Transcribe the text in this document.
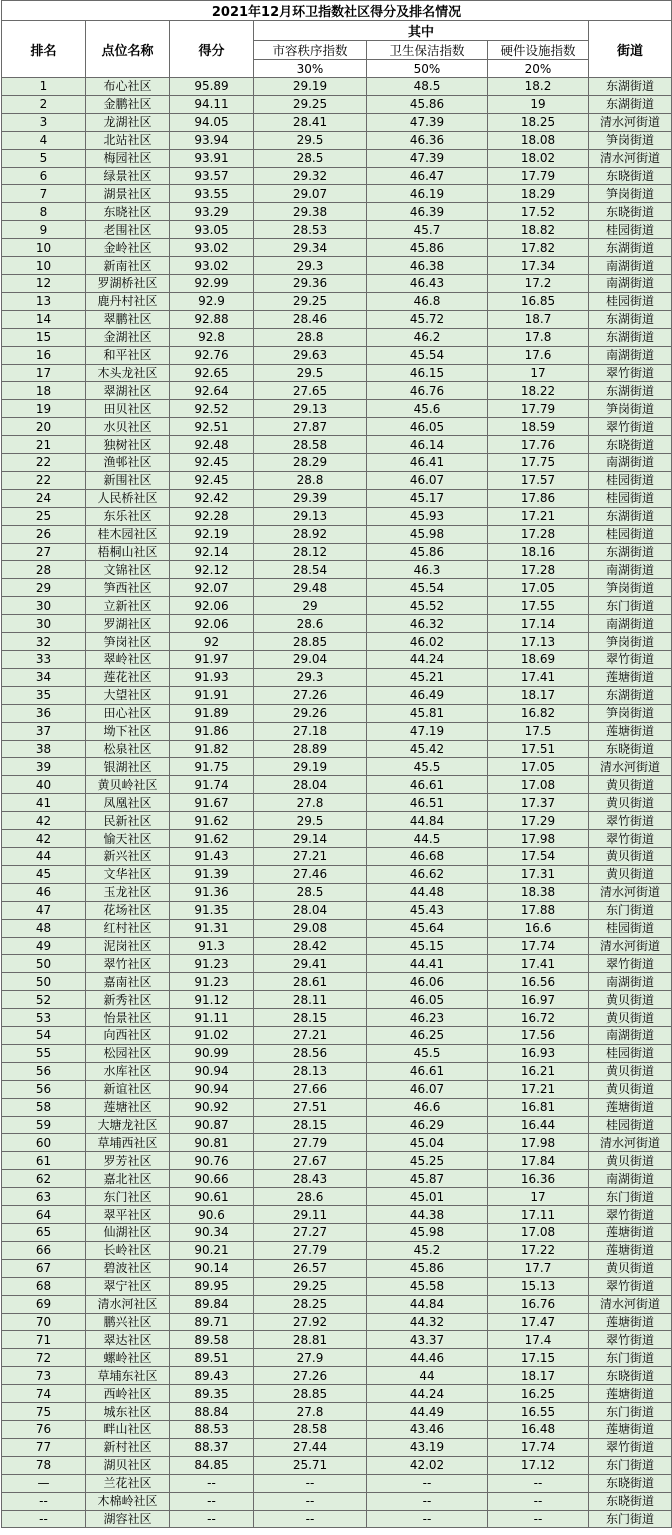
2021年12月环卫指数社区得分及排名情况						
排名	点位名称	得分	其中			街道
			市容秩序指数	卫生保洁指数	硬件设施指数	
			30%	50%	20%	
1	布心社区	95.89	29.19	48.5	18.2	东湖街道
2	金鹏社区	94.11	29.25	45.86	19	东湖街道
3	龙湖社区	94.05	28.41	47.39	18.25	清水河街道
4	北站社区	93.94	29.5	46.36	18.08	笋岗街道
5	梅园社区	93.91	28.5	47.39	18.02	清水河街道
6	绿景社区	93.57	29.32	46.47	17.79	东晓街道
7	湖景社区	93.55	29.07	46.19	18.29	笋岗街道
8	东晓社区	93.29	29.38	46.39	17.52	东晓街道
9	老围社区	93.05	28.53	45.7	18.82	桂园街道
10	金岭社区	93.02	29.34	45.86	17.82	东湖街道
10	新南社区	93.02	29.3	46.38	17.34	南湖街道
12	罗湖桥社区	92.99	29.36	46.43	17.2	南湖街道
13	鹿丹村社区	92.9	29.25	46.8	16.85	桂园街道
14	翠鹏社区	92.88	28.46	45.72	18.7	东湖街道
15	金湖社区	92.8	28.8	46.2	17.8	东湖街道
16	和平社区	92.76	29.63	45.54	17.6	南湖街道
17	木头龙社区	92.65	29.5	46.15	17	翠竹街道
18	翠湖社区	92.64	27.65	46.76	18.22	东湖街道
19	田贝社区	92.52	29.13	45.6	17.79	笋岗街道
20	水贝社区	92.51	27.87	46.05	18.59	翠竹街道
21	独树社区	92.48	28.58	46.14	17.76	东晓街道
22	渔邨社区	92.45	28.29	46.41	17.75	南湖街道
22	新围社区	92.45	28.8	46.07	17.57	桂园街道
24	人民桥社区	92.42	29.39	45.17	17.86	桂园街道
25	东乐社区	92.28	29.13	45.93	17.21	东湖街道
26	桂木园社区	92.19	28.92	45.98	17.28	桂园街道
27	梧桐山社区	92.14	28.12	45.86	18.16	东湖街道
28	文锦社区	92.12	28.54	46.3	17.28	南湖街道
29	笋西社区	92.07	29.48	45.54	17.05	笋岗街道
30	立新社区	92.06	29	45.52	17.55	东门街道
30	罗湖社区	92.06	28.6	46.32	17.14	南湖街道
32	笋岗社区	92	28.85	46.02	17.13	笋岗街道
33	翠岭社区	91.97	29.04	44.24	18.69	翠竹街道
34	莲花社区	91.93	29.3	45.21	17.41	莲塘街道
35	大望社区	91.91	27.26	46.49	18.17	东湖街道
36	田心社区	91.89	29.26	45.81	16.82	笋岗街道
37	坳下社区	91.86	27.18	47.19	17.5	莲塘街道
38	松泉社区	91.82	28.89	45.42	17.51	东晓街道
39	银湖社区	91.75	29.19	45.5	17.05	清水河街道
40	黄贝岭社区	91.74	28.04	46.61	17.08	黄贝街道
41	凤凰社区	91.67	27.8	46.51	17.37	黄贝街道
42	民新社区	91.62	29.5	44.84	17.29	翠竹街道
42	愉天社区	91.62	29.14	44.5	17.98	翠竹街道
44	新兴社区	91.43	27.21	46.68	17.54	黄贝街道
45	文华社区	91.39	27.46	46.62	17.31	黄贝街道
46	玉龙社区	91.36	28.5	44.48	18.38	清水河街道
47	花场社区	91.35	28.04	45.43	17.88	东门街道
48	红村社区	91.31	29.08	45.64	16.6	桂园街道
49	泥岗社区	91.3	28.42	45.15	17.74	清水河街道
50	翠竹社区	91.23	29.41	44.41	17.41	翠竹街道
50	嘉南社区	91.23	28.61	46.06	16.56	南湖街道
52	新秀社区	91.12	28.11	46.05	16.97	黄贝街道
53	怡景社区	91.11	28.15	46.23	16.72	黄贝街道
54	向西社区	91.02	27.21	46.25	17.56	南湖街道
55	松园社区	90.99	28.56	45.5	16.93	桂园街道
56	水库社区	90.94	28.13	46.61	16.21	黄贝街道
56	新谊社区	90.94	27.66	46.07	17.21	黄贝街道
58	莲塘社区	90.92	27.51	46.6	16.81	莲塘街道
59	大塘龙社区	90.87	28.15	46.29	16.44	桂园街道
60	草埔西社区	90.81	27.79	45.04	17.98	清水河街道
61	罗芳社区	90.76	27.67	45.25	17.84	黄贝街道
62	嘉北社区	90.66	28.43	45.87	16.36	南湖街道
63	东门社区	90.61	28.6	45.01	17	东门街道
64	翠平社区	90.6	29.11	44.38	17.11	翠竹街道
65	仙湖社区	90.34	27.27	45.98	17.08	莲塘街道
66	长岭社区	90.21	27.79	45.2	17.22	莲塘街道
67	碧波社区	90.14	26.57	45.86	17.7	黄贝街道
68	翠宁社区	89.95	29.25	45.58	15.13	翠竹街道
69	清水河社区	89.84	28.25	44.84	16.76	清水河街道
70	鹏兴社区	89.71	27.92	44.32	17.47	莲塘街道
71	翠达社区	89.58	28.81	43.37	17.4	翠竹街道
72	螺岭社区	89.51	27.9	44.46	17.15	东门街道
73	草埔东社区	89.43	27.26	44	18.17	东晓街道
74	西岭社区	89.35	28.85	44.24	16.25	莲塘街道
75	城东社区	88.84	27.8	44.49	16.55	东门街道
76	畔山社区	88.53	28.58	43.46	16.48	莲塘街道
77	新村社区	88.37	27.44	43.19	17.74	翠竹街道
78	湖贝社区	84.85	25.71	42.02	17.12	东门街道
—	兰花社区	--	--	--	--	东晓街道
--	木棉岭社区	--	--	--	--	东晓街道
--	湖容社区	--	--	--	--	东门街道
